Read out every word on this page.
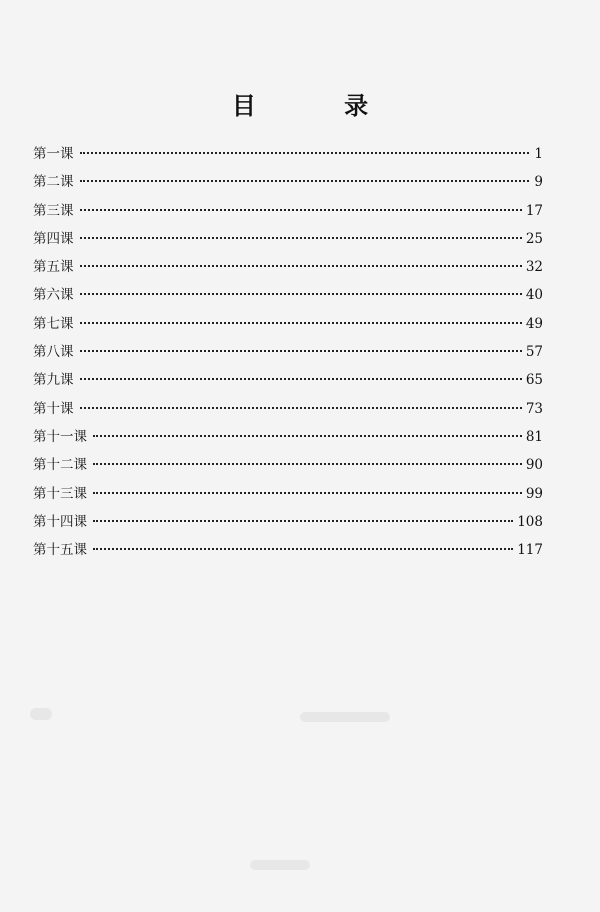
目 录
第一课	1
第二课	9
第三课	17
第四课	25
第五课	32
第六课	40
第七课	49
第八课	57
第九课	65
第十课	73
第十一课	81
第十二课	90
第十三课	99
第十四课	108
第十五课	117
